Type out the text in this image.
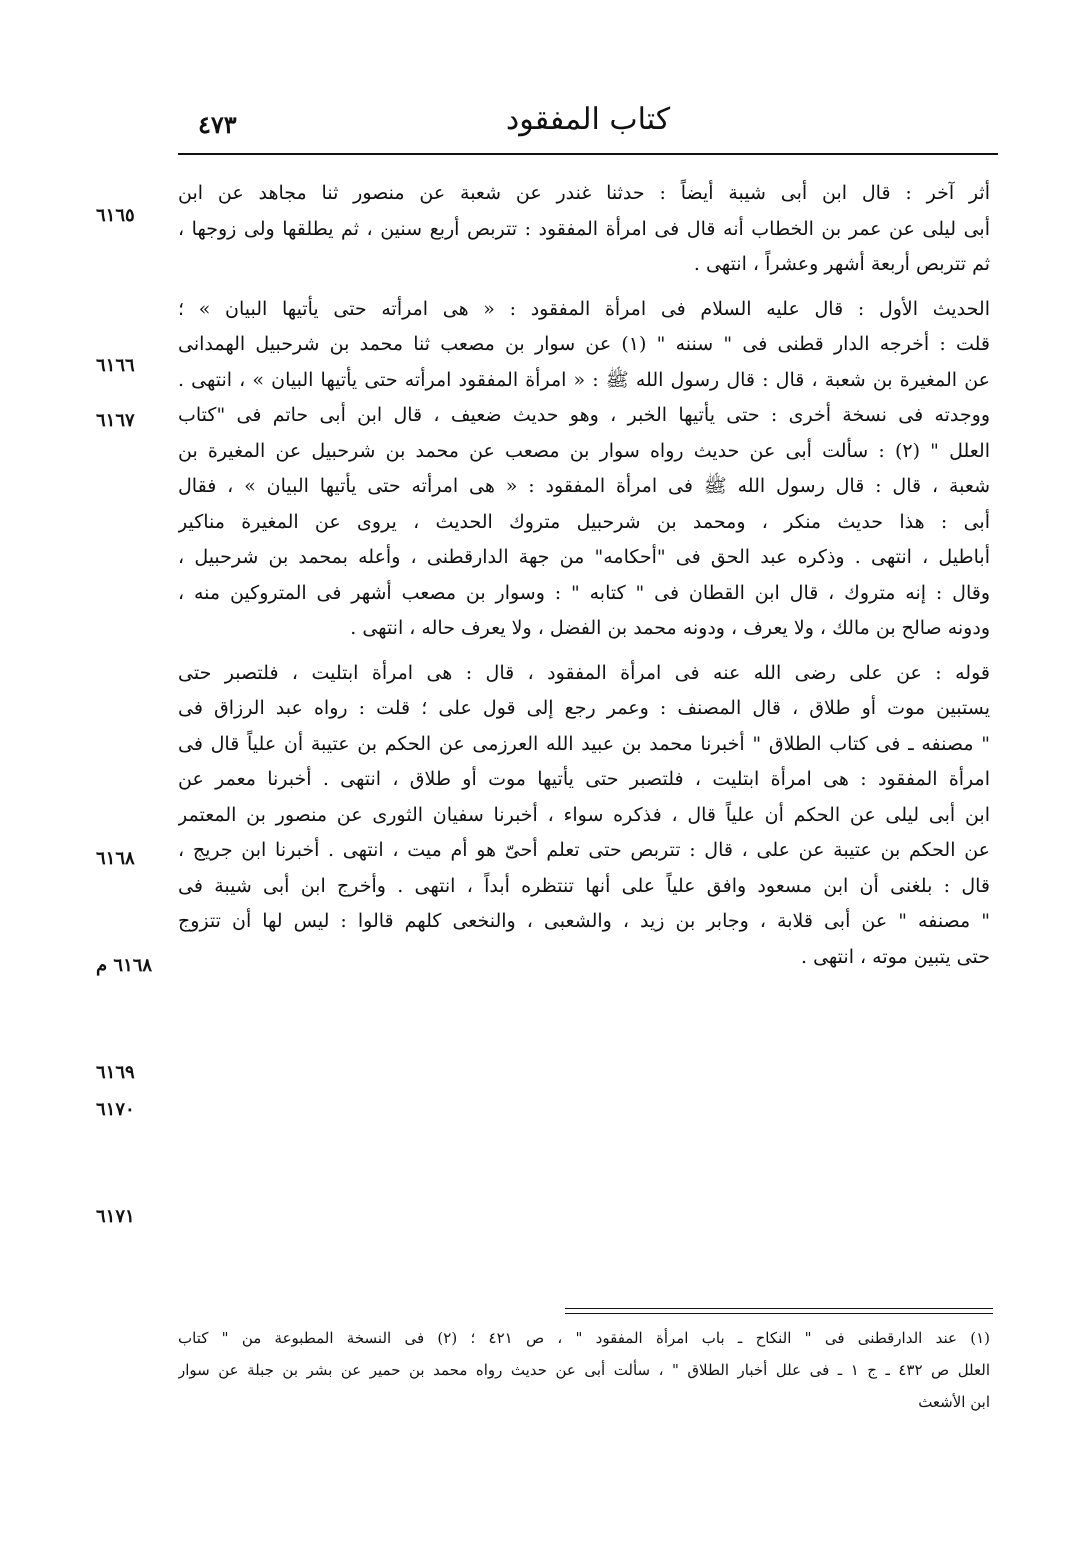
كتاب المفقود
٤٧٣
أثر آخر : قال ابن أبى شيبة أيضاً : حدثنا غندر عن شعبة عن منصور ثنا مجاهد عن ابن
أبى ليلى عن عمر بن الخطاب أنه قال فى امرأة المفقود : تتربص أربع سنين ، ثم يطلقها ولى زوجها ،
ثم تتربص أربعة أشهر وعشراً ، انتهى .
الحديث الأول : قال عليه السلام فى امرأة المفقود : « هى امرأته حتى يأتيها البيان » ؛
قلت : أخرجه الدار قطنى فى " سننه " (١) عن سوار بن مصعب ثنا محمد بن شرحبيل الهمدانى
عن المغيرة بن شعبة ، قال : قال رسول الله ﷺ : « امرأة المفقود امرأته حتى يأتيها البيان » ، انتهى .
ووجدته فى نسخة أخرى : حتى يأتيها الخبر ، وهو حديث ضعيف ، قال ابن أبى حاتم فى "كتاب
العلل " (٢) : سألت أبى عن حديث رواه سوار بن مصعب عن محمد بن شرحبيل عن المغيرة بن
شعبة ، قال : قال رسول الله ﷺ فى امرأة المفقود : « هى امرأته حتى يأتيها البيان » ، فقال
أبى : هذا حديث منكر ، ومحمد بن شرحبيل متروك الحديث ، يروى عن المغيرة مناكير
أباطيل ، انتهى . وذكره عبد الحق فى "أحكامه" من جهة الدارقطنى ، وأعله بمحمد بن شرحبيل ،
وقال : إنه متروك ، قال ابن القطان فى " كتابه " : وسوار بن مصعب أشهر فى المتروكين منه ،
ودونه صالح بن مالك ، ولا يعرف ، ودونه محمد بن الفضل ، ولا يعرف حاله ، انتهى .
قوله : عن على رضى الله عنه فى امرأة المفقود ، قال : هى امرأة ابتليت ، فلتصبر حتى
يستبين موت أو طلاق ، قال المصنف : وعمر رجع إلى قول على ؛ قلت : رواه عبد الرزاق فى
" مصنفه ـ فى كتاب الطلاق " أخبرنا محمد بن عبيد الله العرزمى عن الحكم بن عتيبة أن علياً قال فى
امرأة المفقود : هى امرأة ابتليت ، فلتصبر حتى يأتيها موت أو طلاق ، انتهى . أخبرنا معمر عن
ابن أبى ليلى عن الحكم أن علياً قال ، فذكره سواء ، أخبرنا سفيان الثورى عن منصور بن المعتمر
عن الحكم بن عتيبة عن على ، قال : تتربص حتى تعلم أحىّ هو أم ميت ، انتهى . أخبرنا ابن جريج ،
قال : بلغنى أن ابن مسعود وافق علياً على أنها تنتظره أبداً ، انتهى . وأخرج ابن أبى شيبة فى
" مصنفه " عن أبى قلابة ، وجابر بن زيد ، والشعبى ، والنخعى كلهم قالوا : ليس لها أن تتزوج
حتى يتبين موته ، انتهى .
٦١٦٥
٦١٦٦
٦١٦٧
٦١٦٨
٦١٦٨ م
٦١٦٩
٦١٧٠
٦١٧١
(١) عند الدارقطنى فى " النكاح ـ باب امرأة المفقود " ، ص ٤٢١ ؛ (٢) فى النسخة المطبوعة من " كتاب
العلل ص ٤٣٢ ـ ج ١ ـ فى علل أخبار الطلاق " ، سألت أبى عن حديث رواه محمد بن حمير عن بشر بن جبلة عن سوار
ابن الأشعث
